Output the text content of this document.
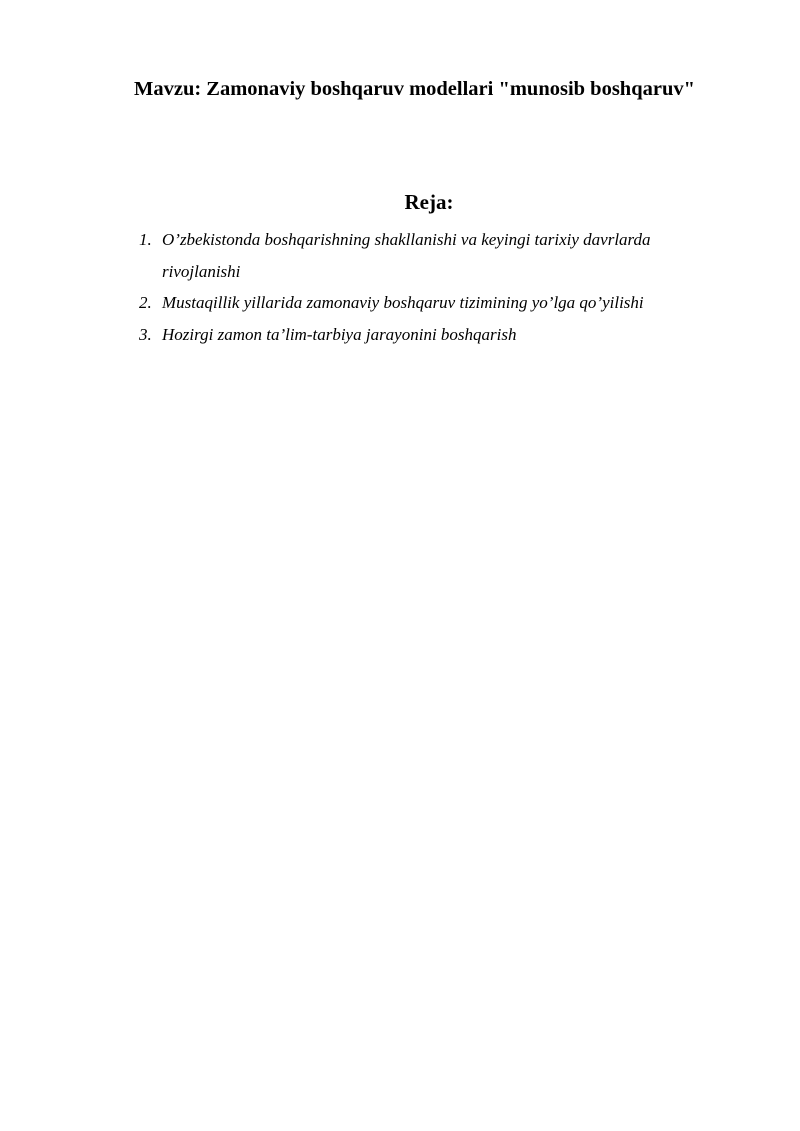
Mavzu: Zamonaviy boshqaruv modellari "munosib boshqaruv"
Reja:
1. O’zbekistonda boshqarishning shakllanishi va keyingi tarixiy davrlarda rivojlanishi
2. Mustaqillik yillarida zamonaviy boshqaruv tizimining yo’lga qo’yilishi
3. Hozirgi zamon ta’lim-tarbiya jarayonini boshqarish
